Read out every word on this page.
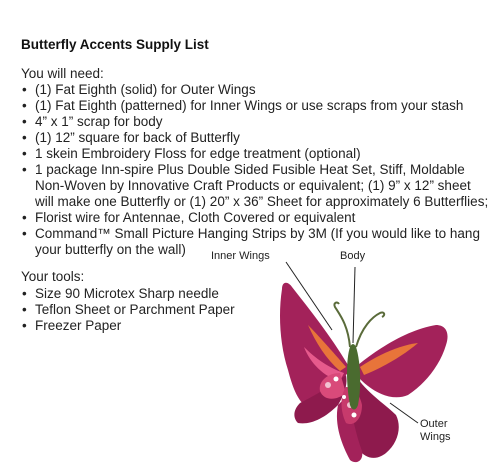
Butterfly Accents Supply List
You will need:
• (1) Fat Eighth (solid) for Outer Wings
• (1) Fat Eighth (patterned) for Inner Wings or use scraps from your stash
• 4” x 1” scrap for body
• (1) 12” square for back of Butterfly
• 1 skein Embroidery Floss for edge treatment (optional)
• 1 package Inn-spire Plus Double Sided Fusible Heat Set, Stiff, Moldable Non-Woven by Innovative Craft Products or equivalent; (1) 9” x 12” sheet will make one Butterfly or (1) 20” x 36” Sheet for approximately 6 Butterflies;
• Florist wire for Antennae, Cloth Covered or equivalent
• Command™ Small Picture Hanging Strips by 3M (If you would like to hang your butterfly on the wall)
Your tools:
• Size 90 Microtex Sharp needle
• Teflon Sheet or Parchment Paper
• Freezer Paper
Inner Wings	Body
Outer
Wings
